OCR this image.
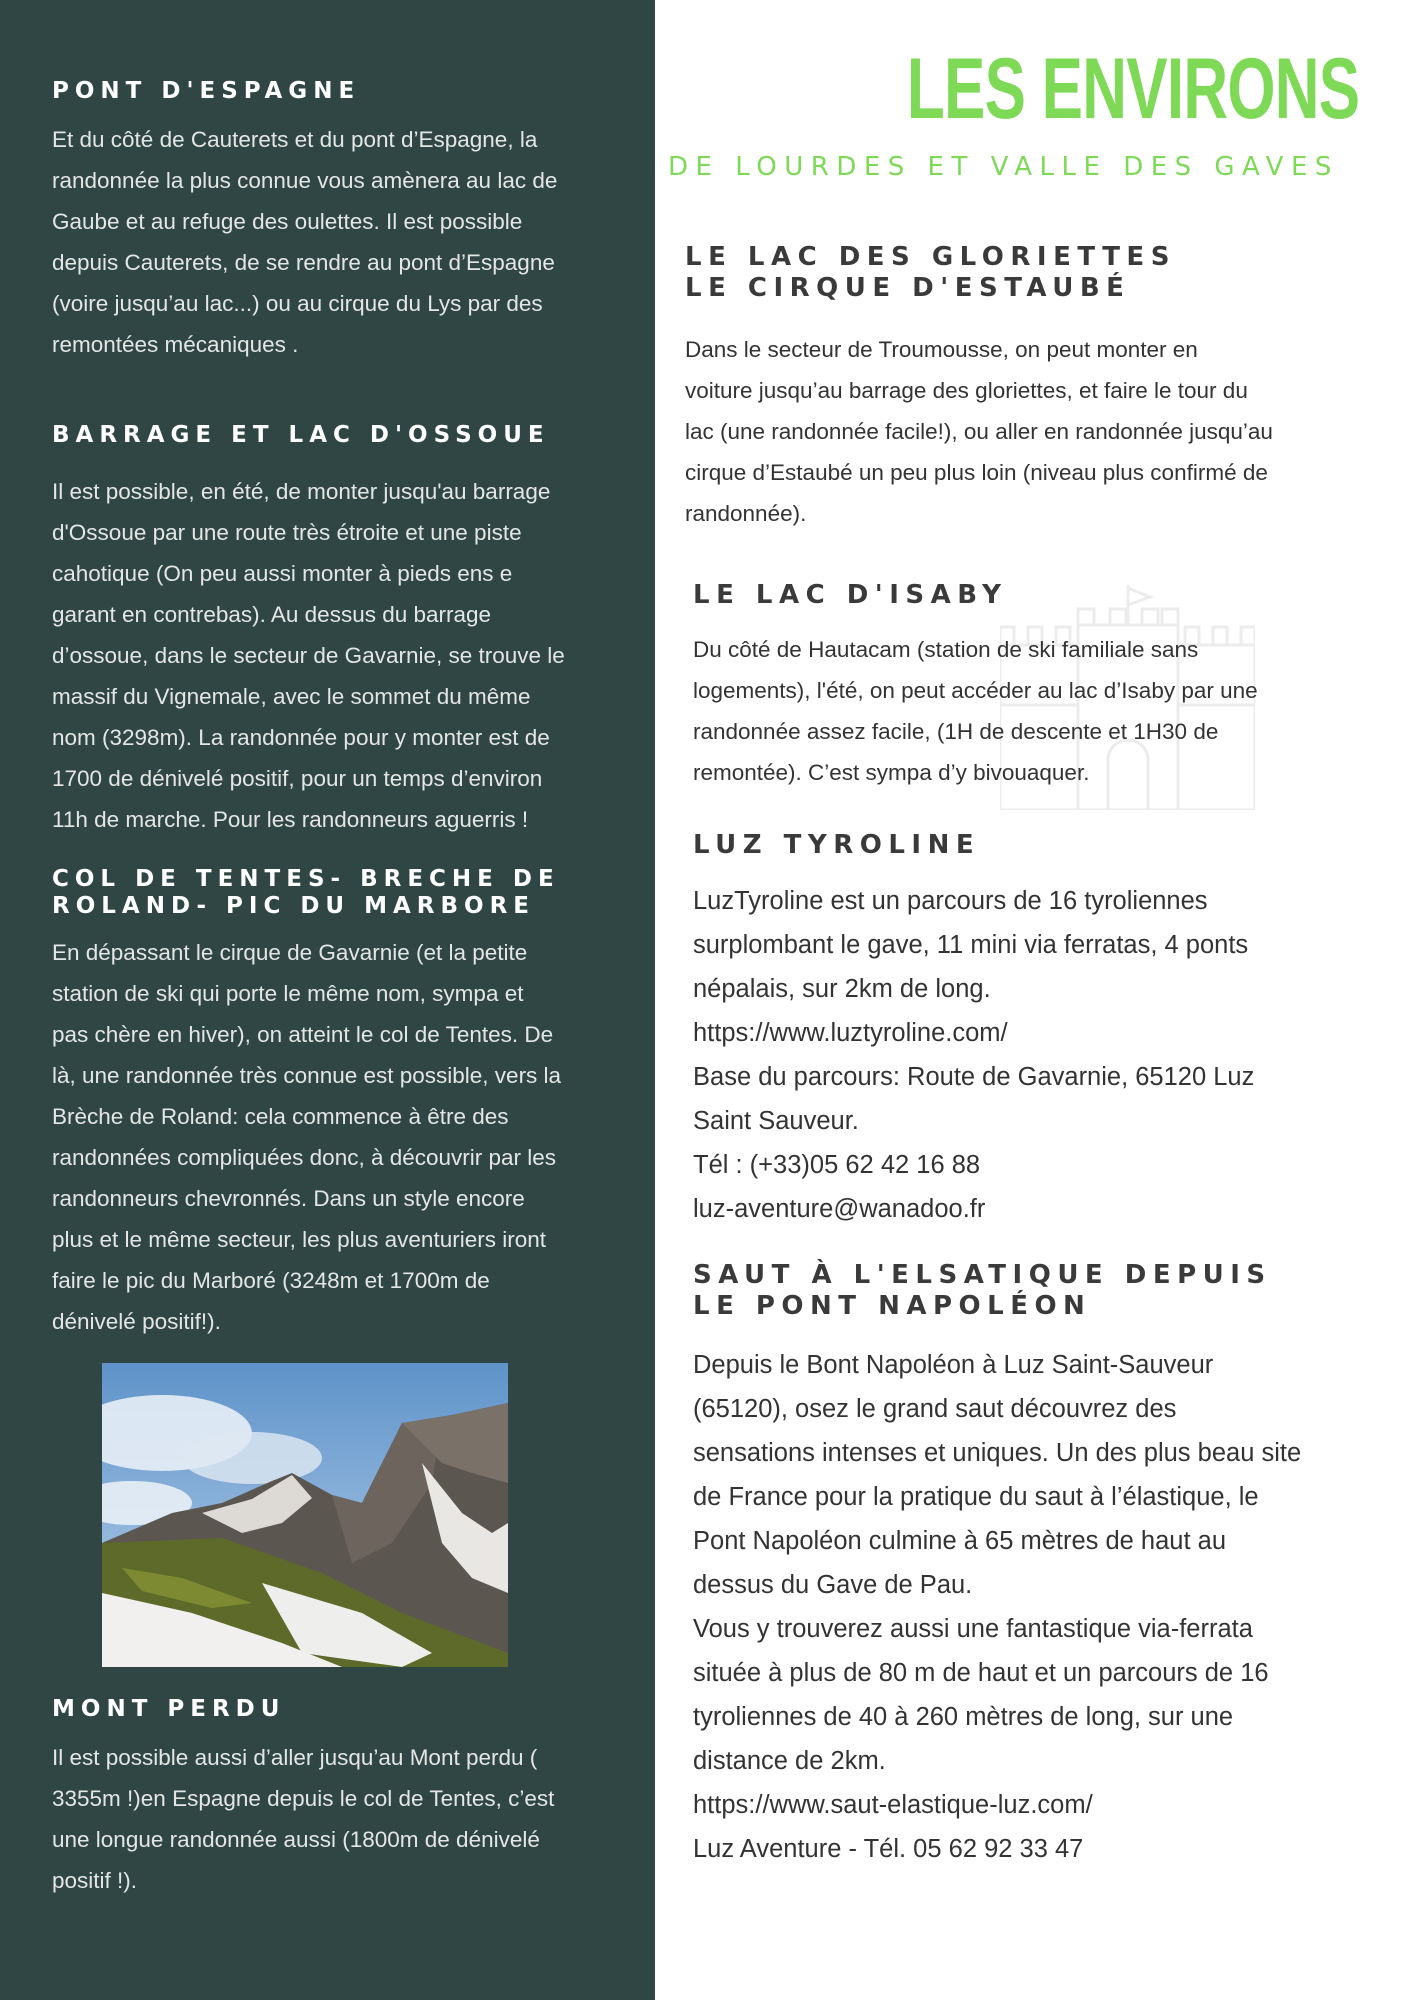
PONT D'ESPAGNE

Et du côté de Cauterets et du pont d’Espagne, la
randonnée la plus connue vous amènera au lac de
Gaube et au refuge des oulettes. Il est possible
depuis Cauterets, de se rendre au pont d’Espagne
(voire jusqu’au lac...) ou au cirque du Lys par des
remontées mécaniques .

BARRAGE ET LAC D'OSSOUE

Il est possible, en été, de monter jusqu'au barrage
d'Ossoue par une route très étroite et une piste
cahotique (On peu aussi monter à pieds ens e
garant en contrebas). Au dessus du barrage
d’ossoue, dans le secteur de Gavarnie, se trouve le
massif du Vignemale, avec le sommet du même
nom (3298m). La randonnée pour y monter est de
1700 de dénivelé positif, pour un temps d’environ
11h de marche. Pour les randonneurs aguerris !

COL DE TENTES- BRECHE DE
ROLAND- PIC DU MARBORE

En dépassant le cirque de Gavarnie (et la petite
station de ski qui porte le même nom, sympa et
pas chère en hiver), on atteint le col de Tentes. De
là, une randonnée très connue est possible, vers la
Brèche de Roland: cela commence à être des
randonnées compliquées donc, à découvrir par les
randonneurs chevronnés. Dans un style encore
plus et le même secteur, les plus aventuriers iront
faire le pic du Marboré (3248m et 1700m de
dénivelé positif!).

MONT PERDU

Il est possible aussi d’aller jusqu’au Mont perdu (
3355m !)en Espagne depuis le col de Tentes, c’est
une longue randonnée aussi (1800m de dénivelé
positif !).

LES ENVIRONS
DE LOURDES ET VALLE DES GAVES
LE LAC DES GLORIETTES
LE CIRQUE D'ESTAUBÉ

Dans le secteur de Troumousse, on peut monter en
voiture jusqu’au barrage des gloriettes, et faire le tour du
lac (une randonnée facile!), ou aller en randonnée jusqu’au
cirque d’Estaubé un peu plus loin (niveau plus confirmé de
randonnée).

LE LAC D'ISABY

Du côté de Hautacam (station de ski familiale sans
logements), l'été, on peut accéder au lac d’Isaby par une
randonnée assez facile, (1H de descente et 1H30 de
remontée). C’est sympa d’y bivouaquer.

LUZ TYROLINE

LuzTyroline est un parcours de 16 tyroliennes
surplombant le gave, 11 mini via ferratas, 4 ponts
népalais, sur 2km de long.
https://www.luztyroline.com/
Base du parcours: Route de Gavarnie, 65120 Luz
Saint Sauveur.
Tél : (+33)05 62 42 16 88
luz-aventure@wanadoo.fr

SAUT À L'ELSATIQUE DEPUIS
LE PONT NAPOLÉON

Depuis le Bont Napoléon à Luz Saint-Sauveur
(65120), osez le grand saut découvrez des
sensations intenses et uniques. Un des plus beau site
de France pour la pratique du saut à l’élastique, le
Pont Napoléon culmine à 65 mètres de haut au
dessus du Gave de Pau.
Vous y trouverez aussi une fantastique via-ferrata
située à plus de 80 m de haut et un parcours de 16
tyroliennes de 40 à 260 mètres de long, sur une
distance de 2km.
https://www.saut-elastique-luz.com/
Luz Aventure - Tél. 05 62 92 33 47
